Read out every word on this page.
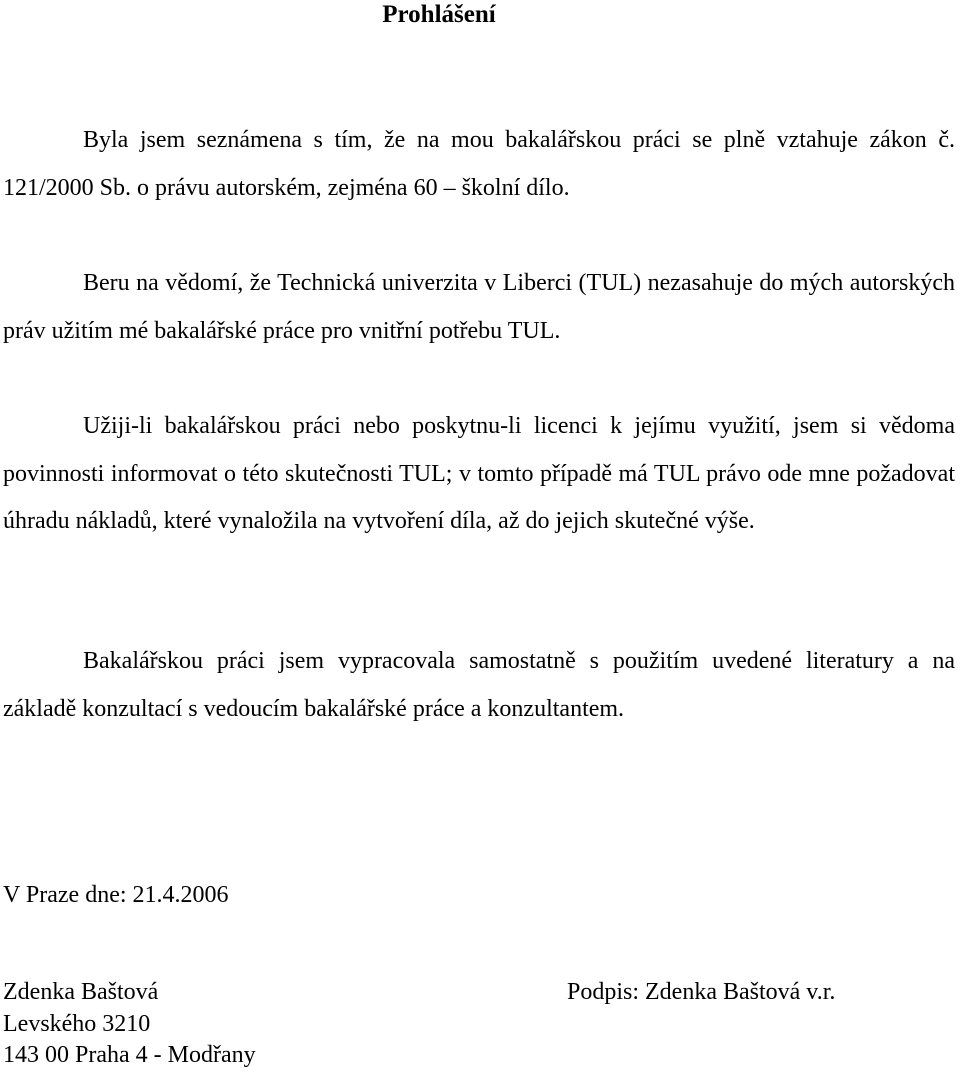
Prohlášení

Byla jsem seznámena s tím, že na mou bakalářskou práci se plně vztahuje zákon č. 121/2000 Sb. o právu autorském, zejména 60 – školní dílo.

Beru na vědomí, že Technická univerzita v Liberci (TUL) nezasahuje do mých autorských práv užitím mé bakalářské práce pro vnitřní potřebu TUL.

Užiji-li bakalářskou práci nebo poskytnu-li licenci k jejímu využití, jsem si vědoma povinnosti informovat o této skutečnosti TUL; v tomto případě má TUL právo ode mne požadovat úhradu nákladů, které vynaložila na vytvoření díla, až do jejich skutečné výše.

Bakalářskou práci jsem vypracovala samostatně s použitím uvedené literatury a na základě konzultací s vedoucím bakalářské práce a konzultantem.

V Praze dne: 21.4.2006
Zdenka Baštová
Levského 3210
143 00 Praha 4 - Modřany
Podpis: Zdenka Baštová v.r.
